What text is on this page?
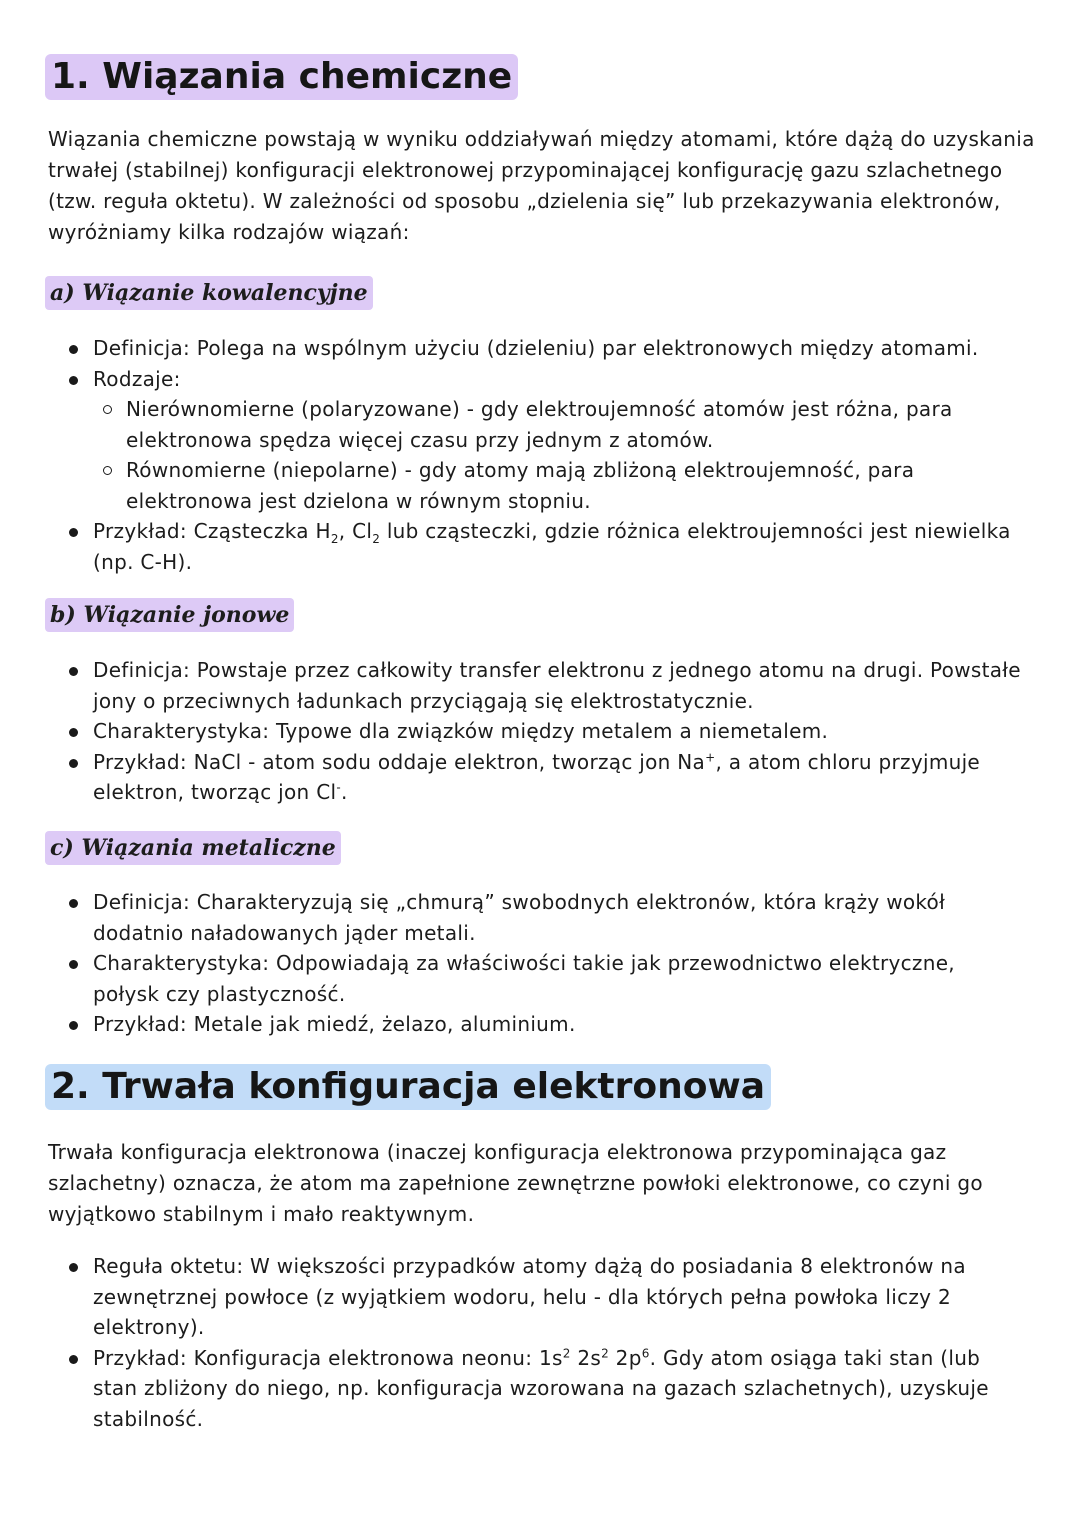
1. Wiązania chemiczne

Wiązania chemiczne powstają w wyniku oddziaływań między atomami, które dążą do uzyskania trwałej (stabilnej) konfiguracji elektronowej przypominającej konfigurację gazu szlachetnego (tzw. reguła oktetu). W zależności od sposobu „dzielenia się” lub przekazywania elektronów, wyróżniamy kilka rodzajów wiązań:

a) Wiązanie kowalencyjne
Definicja: Polega na wspólnym użyciu (dzieleniu) par elektronowych między atomami.
Rodzaje:
Nierównomierne (polaryzowane) - gdy elektroujemność atomów jest różna, para elektronowa spędza więcej czasu przy jednym z atomów.
Równomierne (niepolarne) - gdy atomy mają zbliżoną elektroujemność, para elektronowa jest dzielona w równym stopniu.
Przykład: Cząsteczka $H_2$, $Cl_2$ lub cząsteczki, gdzie różnica elektroujemności jest niewielka (np. C-H).
b) Wiązanie jonowe
Definicja: Powstaje przez całkowity transfer elektronu z jednego atomu na drugi. Powstałe jony o przeciwnych ładunkach przyciągają się elektrostatycznie.
Charakterystyka: Typowe dla związków między metalem a niemetalem.
Przykład: NaCl - atom sodu oddaje elektron, tworząc jon Na+, a atom chloru przyjmuje elektron, tworząc jon Cl-.
c) Wiązania metaliczne
Definicja: Charakteryzują się „chmurą” swobodnych elektronów, która krąży wokół dodatnio naładowanych jąder metali.
Charakterystyka: Odpowiadają za właściwości takie jak przewodnictwo elektryczne, połysk czy plastyczność.
Przykład: Metale jak miedź, żelazo, aluminium.
2. Trwała konfiguracja elektronowa

Trwała konfiguracja elektronowa (inaczej konfiguracja elektronowa przypominająca gaz szlachetny) oznacza, że atom ma zapełnione zewnętrzne powłoki elektronowe, co czyni go wyjątkowo stabilnym i mało reaktywnym.

Reguła oktetu: W większości przypadków atomy dążą do posiadania 8 elektronów na zewnętrznej powłoce (z wyjątkiem wodoru, helu - dla których pełna powłoka liczy 2 elektrony).
Przykład: Konfiguracja elektronowa neonu: $1s^2$ $2s^2$ $2p^6$. Gdy atom osiąga taki stan (lub stan zbliżony do niego, np. konfiguracja wzorowana na gazach szlachetnych), uzyskuje stabilność.
